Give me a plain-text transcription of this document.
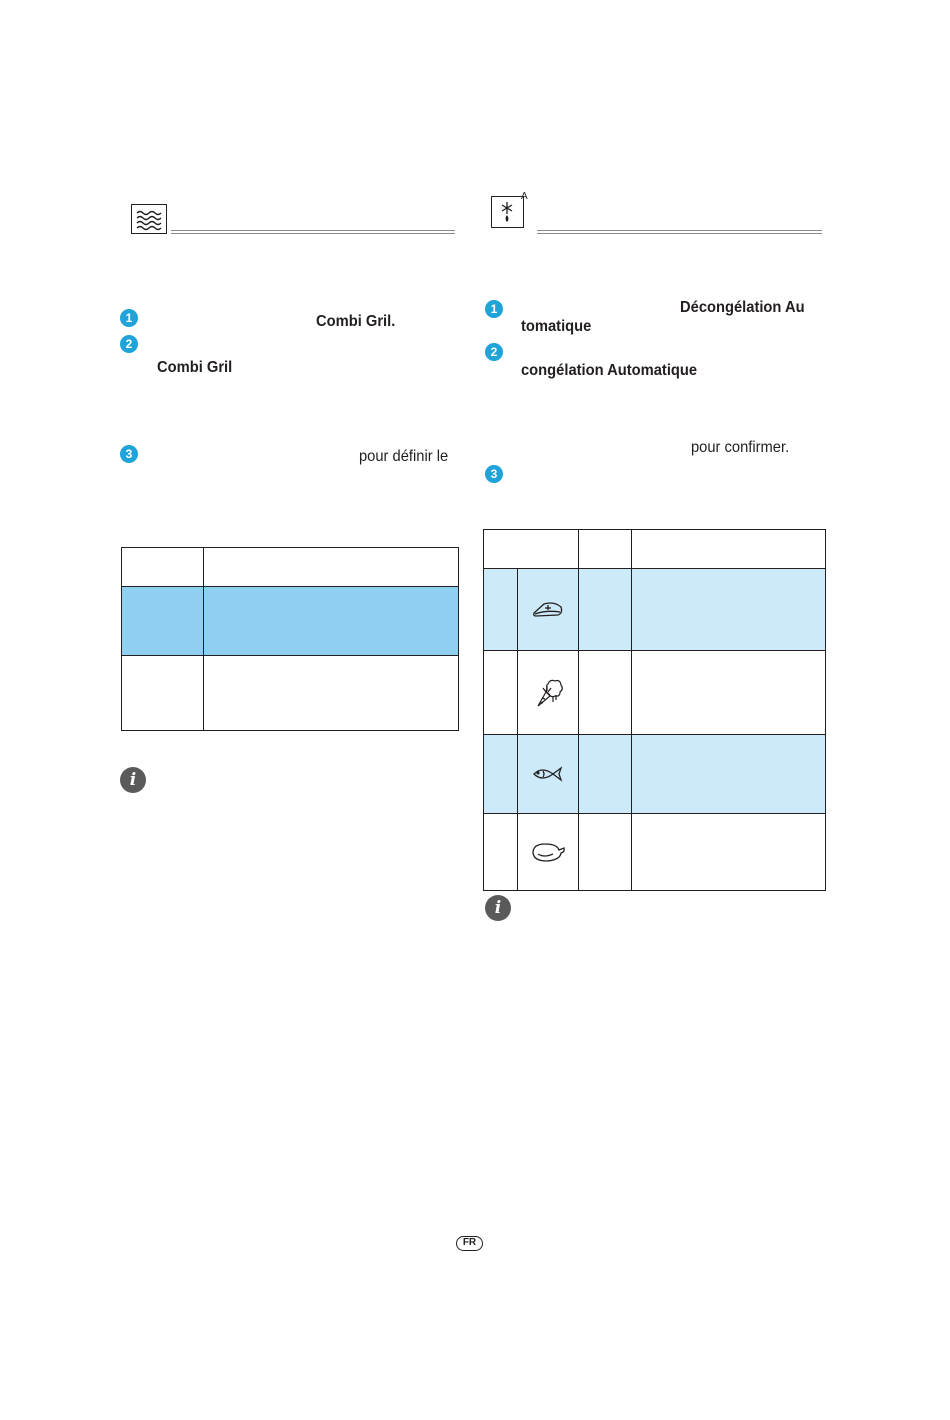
1	Combi Gril.
2
Combi Gril
3	pour définir le

i
A
1	Décongélation Au
tomatique
2
congélation Automatique
pour confirmer.
3

i
FR
